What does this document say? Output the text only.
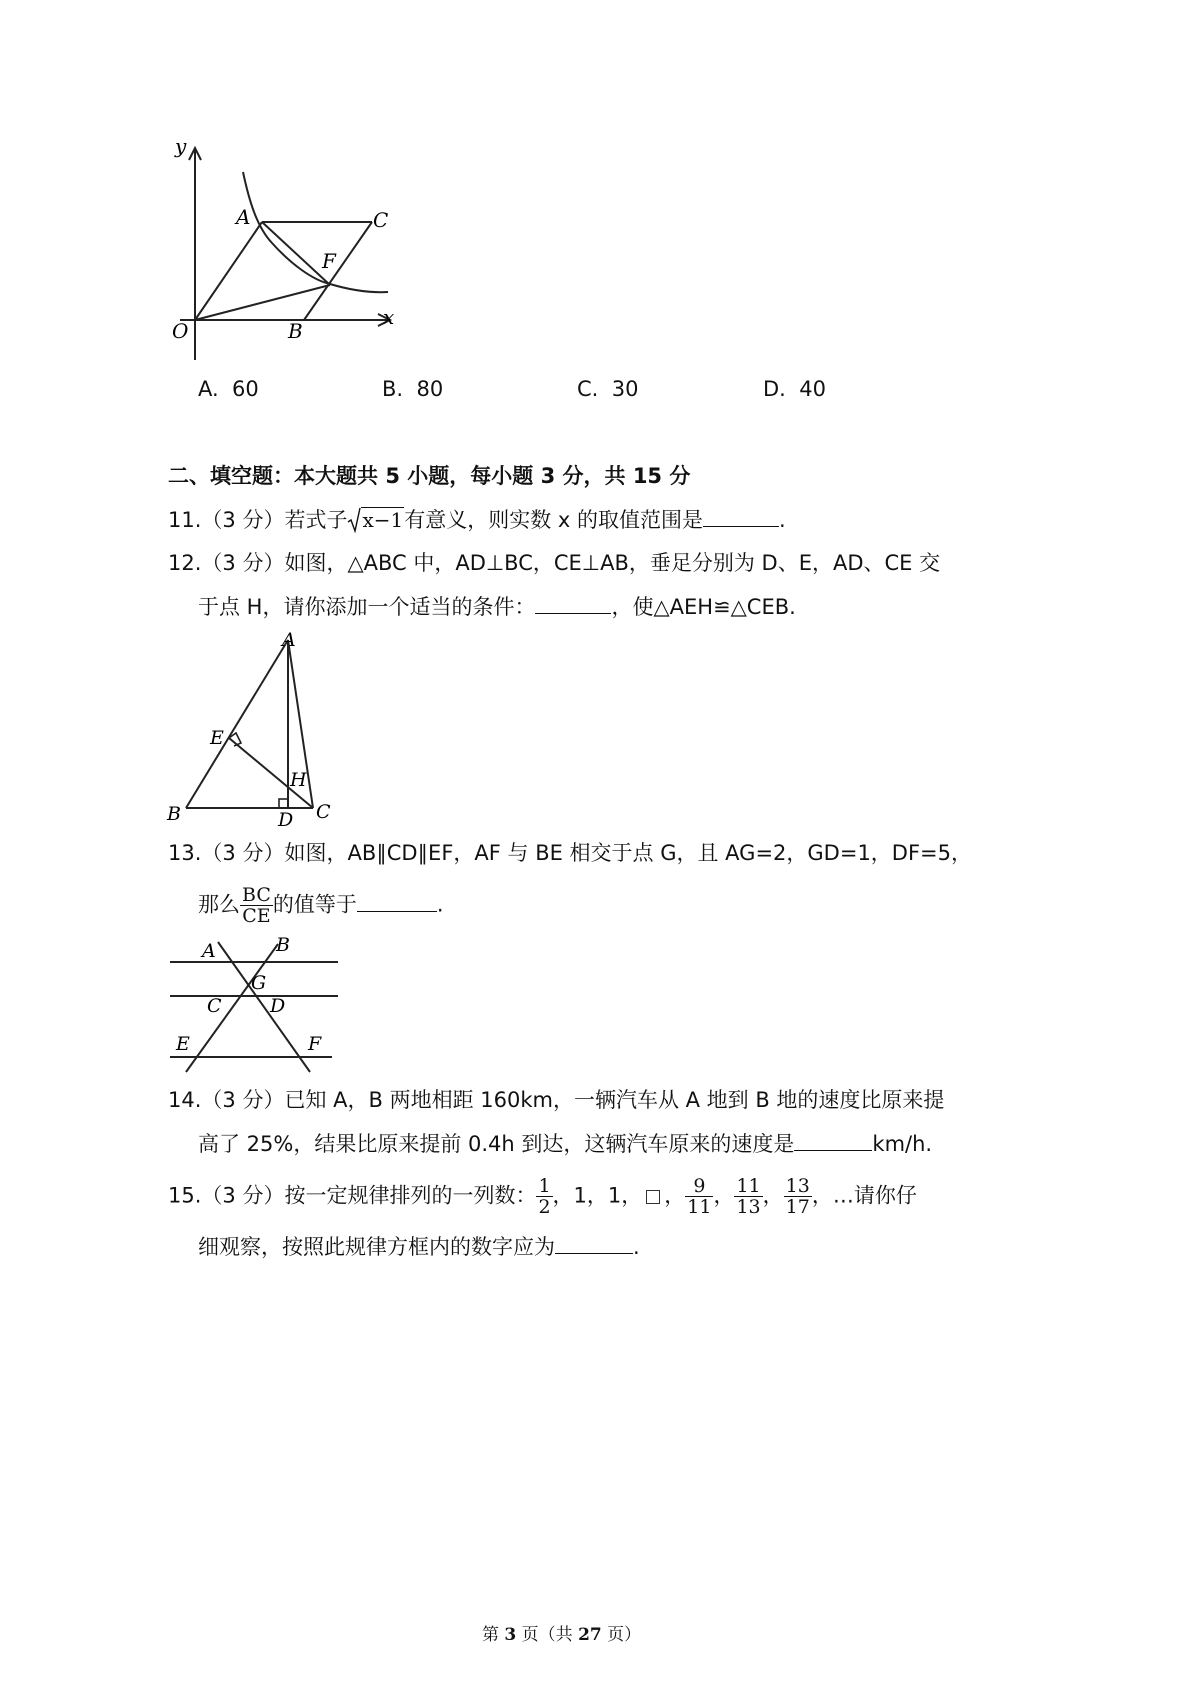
y
x
O
A	C
F
B
A. 60	B. 80	C. 30	D. 40
二、填空题：本大题共 5 小题，每小题 3 分，共 15 分
11.（3 分）若式子 x−1有意义，则实数 x 的取值范围是	.
12.（3 分）如图，△ABC 中，AD⊥BC，CE⊥AB，垂足分别为 D、E，AD、CE 交
于点 H，请你添加一个适当的条件：	，使△AEH≌△CEB.
A
B	C
D
E
H
13.（3 分）如图，AB∥CD∥EF，AF 与 BE 相交于点 G，且 AG=2，GD=1，DF=5，
那么 $\frac{BC}{CE}$ 的值等于	.
A	B
G
C	D
E	F
14.（3 分）已知 A，B 两地相距 160km，一辆汽车从 A 地到 B 地的速度比原来提
高了 25%，结果比原来提前 0.4h 到达，这辆汽车原来的速度是	km/h.
15.（3 分）按一定规律排列的一列数： $\frac{1}{2}$ ，1，1， ， $\frac{9}{11}$ ， $\frac{11}{13}$ ， $\frac{13}{17}$ ，…请你仔
细观察，按照此规律方框内的数字应为	.
第 3 页（共 27 页）
